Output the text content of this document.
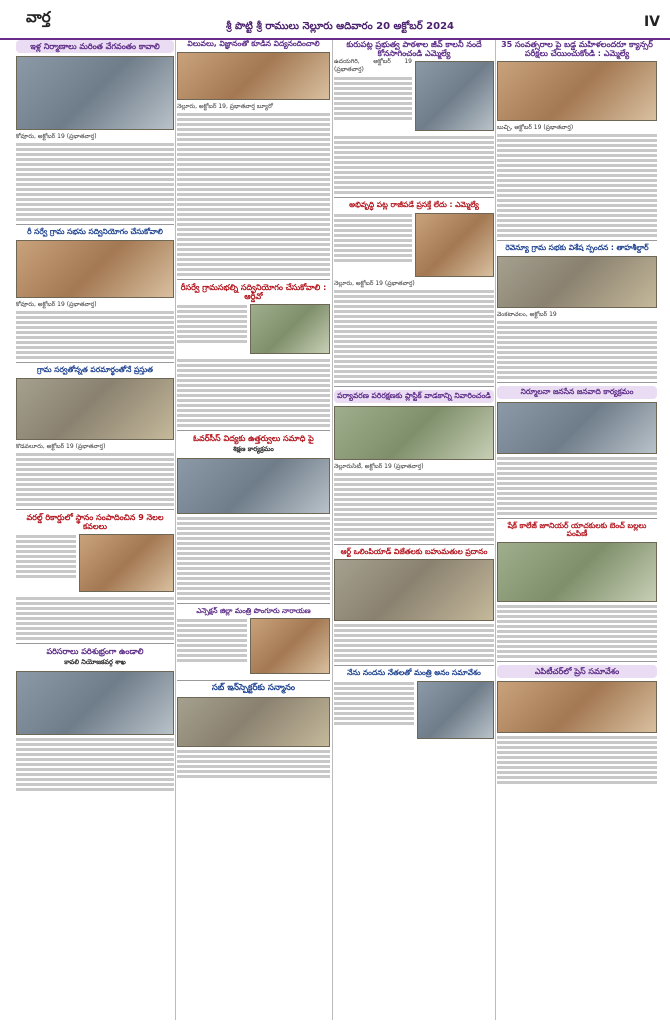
వార్త
శ్రీ పొట్టి శ్రీ రాములు నెల్లూరు ఆదివారం 20 అక్టోబర్ 2024	IV
ఇళ్ల నిర్మాణాలు మరింత వేగవంతం కావాలి
కోవూరు, అక్టోబర్ 19 (ప్రభాతవార్త)
రీ సర్వే గ్రామ సభను సద్వినియోగం చేసుకోవాలి
కోవూరు, అక్టోబర్ 19 (ప్రభాతవార్త)
గ్రామ సర్వతోన్నత పరమార్థంతోనే ప్రస్తుత
కొడవలూరు, అక్టోబర్ 19 (ప్రభాతవార్త)
వరల్డ్ రికార్డులో స్థానం సంపాదించిన 9 నెలల కవలలు
పరిసరాలు పరిశుభ్రంగా ఉండాలి
కావలి నియోజకవర్గ శాఖ
విలువలు, విజ్ఞానంతో కూడిన విద్యనందించాలి
నెల్లూరు, అక్టోబర్ 19, ప్రభాతవార్త బ్యూరో
రీసర్వే గ్రామసభల్ని సద్వినియోగం చేసుకోవాలి : ఆర్డీవో
ఓవర్‌సీస్ విద్యకు ఉత్తర్వులు సమాధి పై
శిక్షణ కార్యక్రమం
ఎన్సెక్షన్ జిల్లా మంత్రి పొంగూరు నారాయణ
సబ్ ఇన్‌స్పెక్టర్‌కు సన్మానం
కురుపట్ల ప్రభుత్వ పాఠశాల జీవ్ కాలనీ నందే కోనసాగించండి ఎమ్మెల్యే
ఉదయగిరి, అక్టోబర్ 19 (ప్రభాతవార్త)
అభివృద్ధి పట్ల రాజీపడే ప్రసక్తే లేదు : ఎమ్మెల్యే
నెల్లూరు, అక్టోబర్ 19 (ప్రభాతవార్త)
పర్యావరణ పరిరక్షణకు ప్లాస్టిక్ వాడకాన్ని నివారించండి
నెల్లూరుసిటీ, అక్టోబర్ 19 (ప్రభాతవార్త)
ఆర్ట్ ఒలింపియాడ్ విజేతలకు బహుమతుల ప్రదానం
నేను నందను నేతలతో మంత్రి అనం సమావేశం
35 సంవత్సరాల పై బడ్డ మహిళలందరూ క్యాన్సర్ పరీక్షలు చేయించుకోండి : ఎమ్మెల్యే
బుచ్చి, అక్టోబర్ 19 (ప్రభాతవార్త)
రెవెన్యూ గ్రామ సభకు విశేష స్పందన : తాహశీల్దార్
వెంకటాచలం, అక్టోబర్ 19
నిర్మూలనా జనసేన జనవాది కార్యక్రమం
షేక్ కాలేజ్ జూనియర్ యాచకులకు బెంచ్ బల్లలు పంపిణీ
ఎపిటీచర్‌లో ప్రెస్ సమావేశం
